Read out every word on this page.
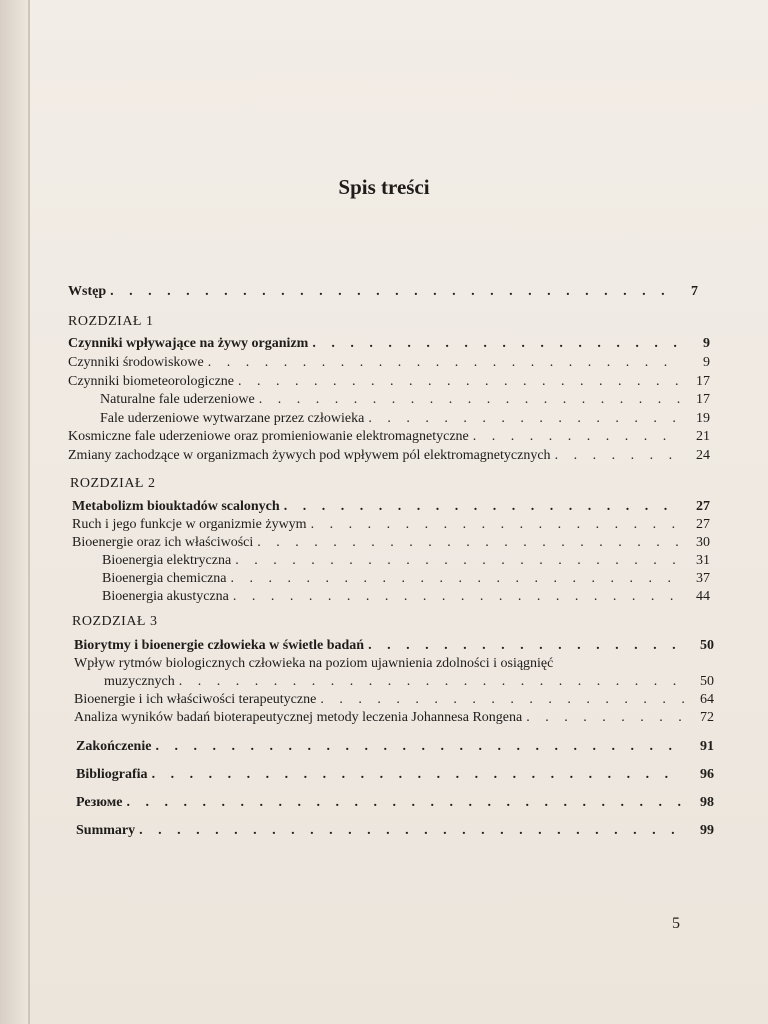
Spis treści
Wstęp . . .	7
ROZDZIAŁ 1
Czynniki wpływające na żywy organizm . . .	9
Czynniki środowiskowe . . .	9
Czynniki biometeorologiczne . . .	17
Naturalne fale uderzeniowe . . .	17
Fale uderzeniowe wytwarzane przez człowieka . . .	19
Kosmiczne fale uderzeniowe oraz promieniowanie elektromagnetyczne . . .	21
Zmiany zachodzące w organizmach żywych pod wpływem pól elektromagnetycznych . . .	24
ROZDZIAŁ 2
Metabolizm biouktadów scalonych . . .	27
Ruch i jego funkcje w organizmie żywym . . .	27
Bioenergie oraz ich właściwości . . .	30
Bioenergia elektryczna . . .	31
Bioenergia chemiczna . . .	37
Bioenergia akustyczna . . .	44
ROZDZIAŁ 3
Biorytmy i bioenergie człowieka w świetle badań . . .	50
Wpływ rytmów biologicznych człowieka na poziom ujawnienia zdolności i osiągnięć
muzycznych . . .	50
Bioenergie i ich właściwości terapeutyczne . . .	64
Analiza wyników badań bioterapeutycznej metody leczenia Johannesa Rongena . . .	72
Zakończenie . . .	91
Bibliografia . . .	96
Резюме . . .	98
Summary . . .	99
5
